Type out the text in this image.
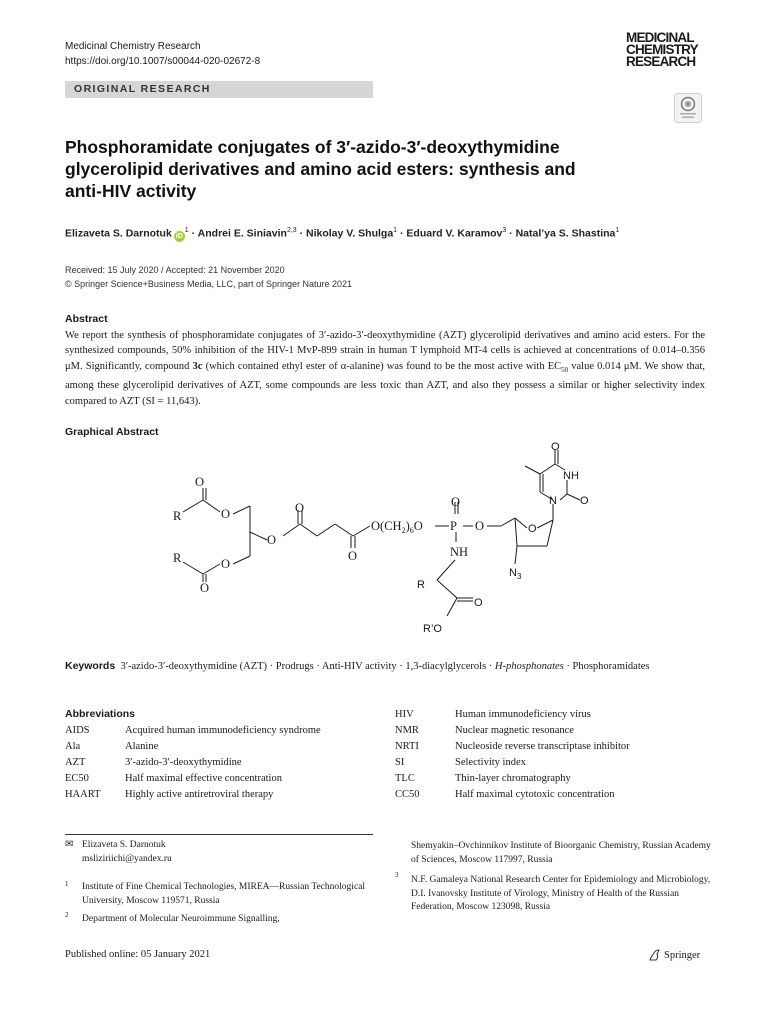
Medicinal Chemistry Research
https://doi.org/10.1007/s00044-020-02672-8
MEDICINAL
CHEMISTRY
RESEARCH
ORIGINAL RESEARCH
Phosphoramidate conjugates of 3′-azido-3′-deoxythymidine glycerolipid derivatives and amino acid esters: synthesis and anti-HIV activity
Elizaveta S. Darnotuk $iD^1$ · Andrei E. Siniavin$^{2,3}$ · Nikolay V. Shulga$^1$ · Eduard V. Karamov$^3$ · Natal’ya S. Shastina$^1$
Received: 15 July 2020 / Accepted: 21 November 2020
© Springer Science+Business Media, LLC, part of Springer Nature 2021
Abstract
We report the synthesis of phosphoramidate conjugates of 3′-azido-3′-deoxythymidine (AZT) glycerolipid derivatives and amino acid esters. For the synthesized compounds, 50% inhibition of the HIV-1 MvP-899 strain in human T lymphoid MT-4 cells is achieved at concentrations of 0.014–0.356 μM. Significantly, compound 3c (which contained ethyl ester of α-alanine) was found to be the most active with $EC_{50}$ value 0.014 μM. We show that, among these glycerolipid derivatives of AZT, some compounds are less toxic than AZT, and also they possess a similar or higher selectivity index compared to AZT (SI = 11,643).
Graphical Abstract
O
R	O
O
O
O
R	O
O
$O(CH_2)_6O$
O
P O
NH
R
O
R’O
O
N
O
NH
O
$N_3$
Keywords 3′-azido-3′-deoxythymidine (AZT) · Prodrugs · Anti-HIV activity · 1,3-diacylglycerols · H-phosphonates · Phosphoramidates
Abbreviations
AIDS	Acquired human immunodeficiency syndrome
Ala	Alanine
AZT	3′-azido-3′-deoxythymidine
EC50	Half maximal effective concentration
HAART	Highly active antiretroviral therapy
HIV	Human immunodeficiency virus
NMR	Nuclear magnetic resonance
NRTI	Nucleoside reverse transcriptase inhibitor
SI	Selectivity index
TLC	Thin-layer chromatography
CC50	Half maximal cytotoxic concentration
✉ Elizaveta S. Darnotuk
msliziriichi@yandex.ru
1 Institute of Fine Chemical Technologies, MIREA—Russian Technological University, Moscow 119571, Russia
2 Department of Molecular Neuroimmune Signalling,
Shemyakin–Ovchinnikov Institute of Bioorganic Chemistry, Russian Academy of Sciences, Moscow 117997, Russia
3 N.F. Gamaleya National Research Center for Epidemiology and Microbiology, D.I. Ivanovsky Institute of Virology, Ministry of Health of the Russian Federation, Moscow 123098, Russia
Published online: 05 January 2021	Springer
